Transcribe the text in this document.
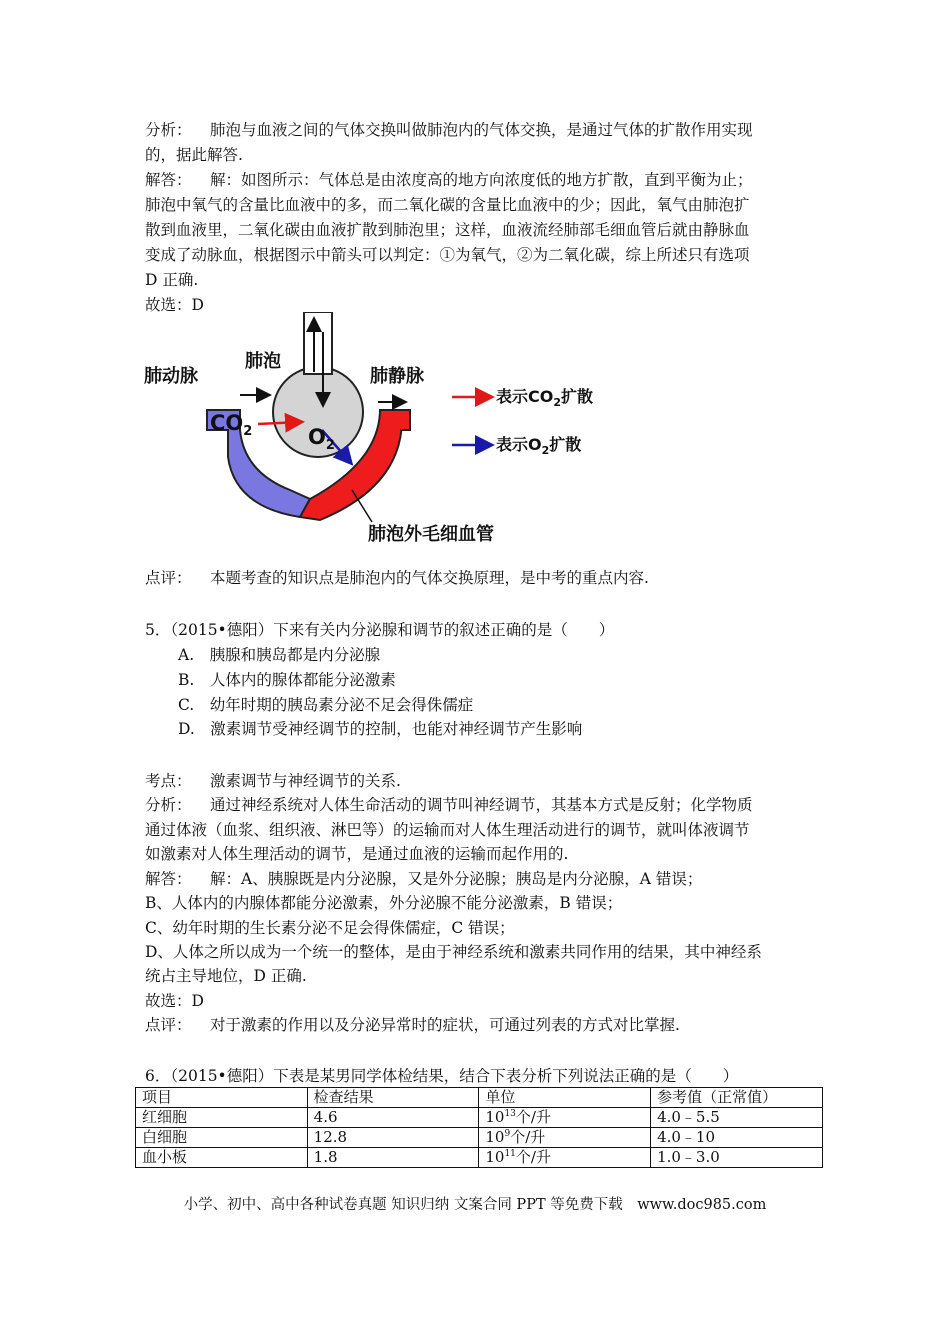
分析： 肺泡与血液之间的气体交换叫做肺泡内的气体交换，是通过气体的扩散作用实现
的，据此解答.
解答： 解：如图所示：气体总是由浓度高的地方向浓度低的地方扩散，直到平衡为止；
肺泡中氧气的含量比血液中的多，而二氧化碳的含量比血液中的少；因此，氧气由肺泡扩
散到血液里，二氧化碳由血液扩散到肺泡里；这样，血液流经肺部毛细血管后就由静脉血
变成了动脉血，根据图示中箭头可以判定：①为氧气，②为二氧化碳，综上所述只有选项
D 正确.
故选：D
肺动脉
肺泡
肺静脉
$CO_2$	$O_2$
表示$CO_2$扩散
表示$O_2$扩散
肺泡外毛细血管
点评： 本题考查的知识点是肺泡内的气体交换原理，是中考的重点内容.
5．（2015•德阳）下来有关内分泌腺和调节的叙述正确的是（　　）
A.　胰腺和胰岛都是内分泌腺
B.　人体内的腺体都能分泌激素
C.　幼年时期的胰岛素分泌不足会得侏儒症
D.　激素调节受神经调节的控制，也能对神经调节产生影响
考点： 激素调节与神经调节的关系.
分析： 通过神经系统对人体生命活动的调节叫神经调节，其基本方式是反射；化学物质
通过体液（血浆、组织液、淋巴等）的运输而对人体生理活动进行的调节，就叫体液调节
如激素对人体生理活动的调节，是通过血液的运输而起作用的.
解答： 解：A、胰腺既是内分泌腺，又是外分泌腺；胰岛是内分泌腺，A 错误；
B、人体内的内腺体都能分泌激素，外分泌腺不能分泌激素，B 错误；
C、幼年时期的生长素分泌不足会得侏儒症，C 错误；
D、人体之所以成为一个统一的整体，是由于神经系统和激素共同作用的结果，其中神经系
统占主导地位，D 正确.
故选：D
点评： 对于激素的作用以及分泌异常时的症状，可通过列表的方式对比掌握.
6．（2015•德阳）下表是某男同学体检结果，结合下表分析下列说法正确的是（　　）
项目	检查结果	单位	参考值（正常值）
红细胞	4.6	$10^{13}$个/升	4.0﹣5.5
白细胞	12.8	$10^9$个/升	4.0﹣10
血小板	1.8	$10^{11}$个/升	1.0﹣3.0
小学、初中、高中各种试卷真题 知识归纳 文案合同 PPT 等免费下载　www.doc985.com
